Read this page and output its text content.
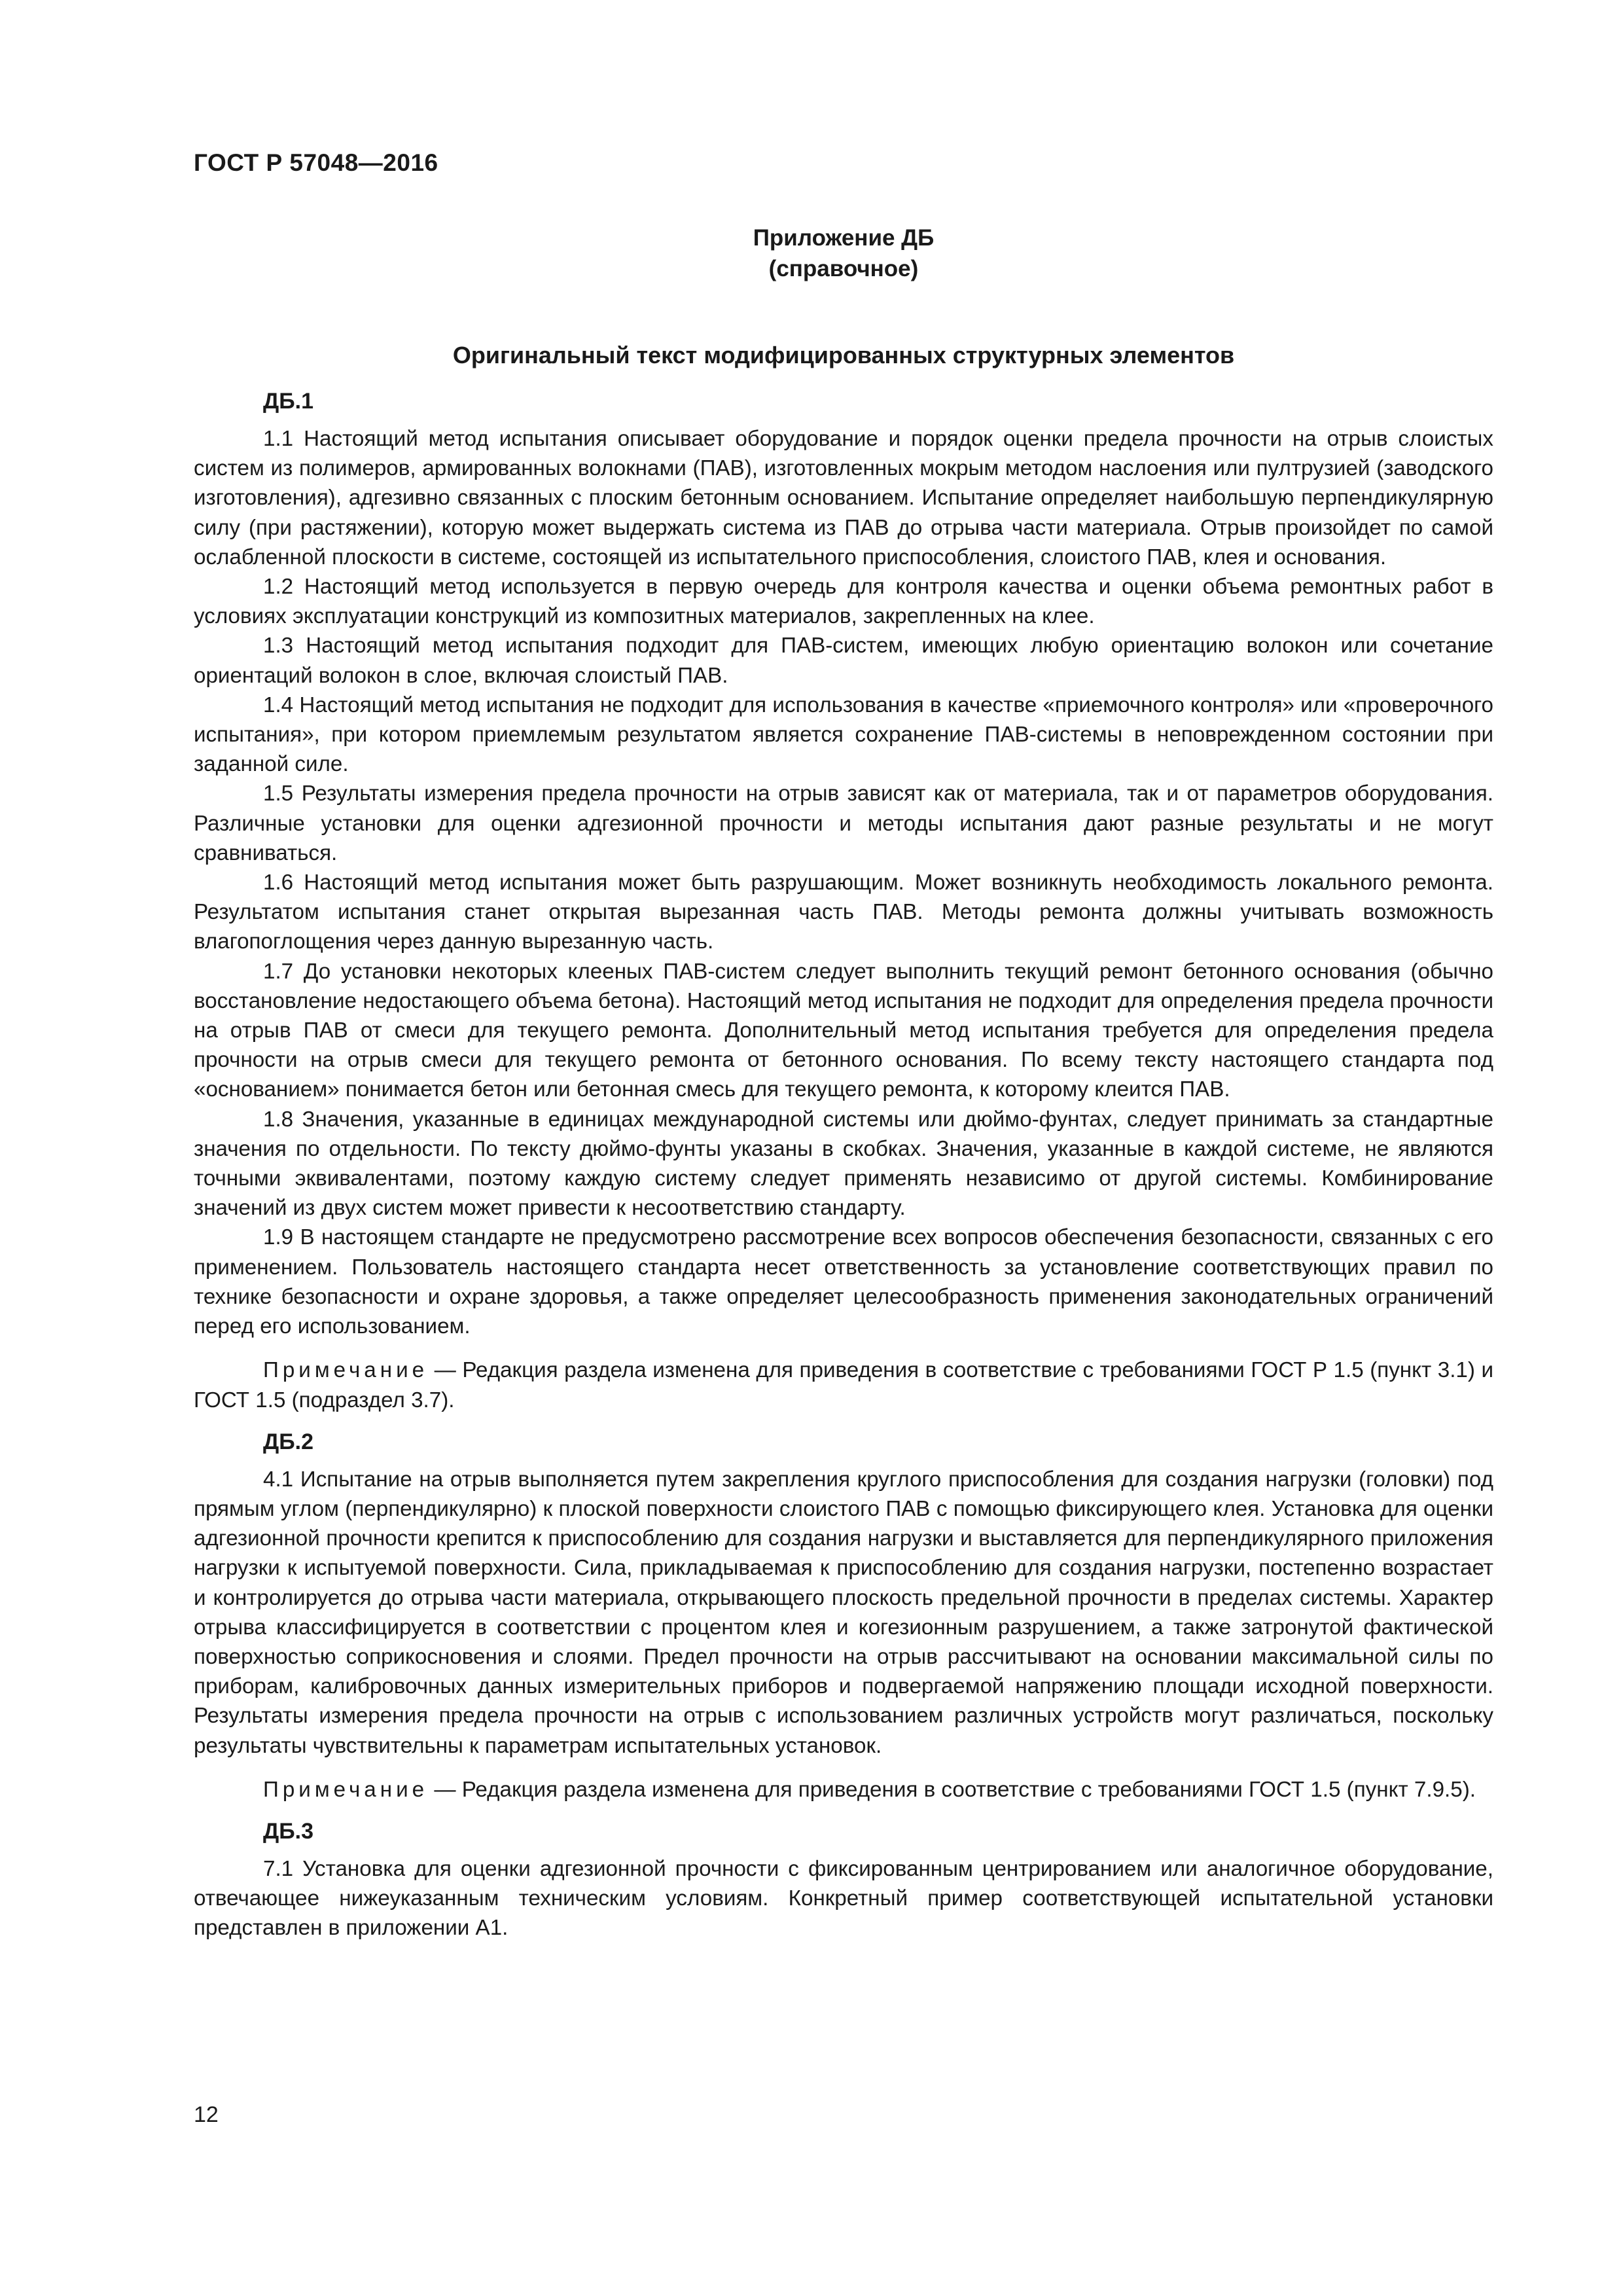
ГОСТ Р 57048—2016
Приложение ДБ
(справочное)
Оригинальный текст модифицированных структурных элементов
ДБ.1

1.1 Настоящий метод испытания описывает оборудование и порядок оценки предела прочности на отрыв слоистых систем из полимеров, армированных волокнами (ПАВ), изготовленных мокрым методом наслоения или пултрузией (заводского изготовления), адгезивно связанных с плоским бетонным основанием. Испытание определяет наибольшую перпендикулярную силу (при растяжении), которую может выдержать система из ПАВ до отрыва части материала. Отрыв произойдет по самой ослабленной плоскости в системе, состоящей из испытательного приспособления, слоистого ПАВ, клея и основания.

1.2 Настоящий метод используется в первую очередь для контроля качества и оценки объема ремонтных работ в условиях эксплуатации конструкций из композитных материалов, закрепленных на клее.

1.3 Настоящий метод испытания подходит для ПАВ-систем, имеющих любую ориентацию волокон или сочетание ориентаций волокон в слое, включая слоистый ПАВ.

1.4 Настоящий метод испытания не подходит для использования в качестве «приемочного контроля» или «проверочного испытания», при котором приемлемым результатом является сохранение ПАВ-системы в неповрежденном состоянии при заданной силе.

1.5 Результаты измерения предела прочности на отрыв зависят как от материала, так и от параметров оборудования. Различные установки для оценки адгезионной прочности и методы испытания дают разные результаты и не могут сравниваться.

1.6 Настоящий метод испытания может быть разрушающим. Может возникнуть необходимость локального ремонта. Результатом испытания станет открытая вырезанная часть ПАВ. Методы ремонта должны учитывать возможность влагопоглощения через данную вырезанную часть.

1.7 До установки некоторых клееных ПАВ-систем следует выполнить текущий ремонт бетонного основания (обычно восстановление недостающего объема бетона). Настоящий метод испытания не подходит для определения предела прочности на отрыв ПАВ от смеси для текущего ремонта. Дополнительный метод испытания требуется для определения предела прочности на отрыв смеси для текущего ремонта от бетонного основания. По всему тексту настоящего стандарта под «основанием» понимается бетон или бетонная смесь для текущего ремонта, к которому клеится ПАВ.

1.8 Значения, указанные в единицах международной системы или дюймо-фунтах, следует принимать за стандартные значения по отдельности. По тексту дюймо-фунты указаны в скобках. Значения, указанные в каждой системе, не являются точными эквивалентами, поэтому каждую систему следует применять независимо от другой системы. Комбинирование значений из двух систем может привести к несоответствию стандарту.

1.9 В настоящем стандарте не предусмотрено рассмотрение всех вопросов обеспечения безопасности, связанных с его применением. Пользователь настоящего стандарта несет ответственность за установление соответствующих правил по технике безопасности и охране здоровья, а также определяет целесообразность применения законодательных ограничений перед его использованием.

Примечание — Редакция раздела изменена для приведения в соответствие с требованиями ГОСТ Р 1.5 (пункт 3.1) и ГОСТ 1.5 (подраздел 3.7).

ДБ.2

4.1 Испытание на отрыв выполняется путем закрепления круглого приспособления для создания нагрузки (головки) под прямым углом (перпендикулярно) к плоской поверхности слоистого ПАВ с помощью фиксирующего клея. Установка для оценки адгезионной прочности крепится к приспособлению для создания нагрузки и выставляется для перпендикулярного приложения нагрузки к испытуемой поверхности. Сила, прикладываемая к приспособлению для создания нагрузки, постепенно возрастает и контролируется до отрыва части материала, открывающего плоскость предельной прочности в пределах системы. Характер отрыва классифицируется в соответствии с процентом клея и когезионным разрушением, а также затронутой фактической поверхностью соприкосновения и слоями. Предел прочности на отрыв рассчитывают на основании максимальной силы по приборам, калибровочных данных измерительных приборов и подвергаемой напряжению площади исходной поверхности. Результаты измерения предела прочности на отрыв с использованием различных устройств могут различаться, поскольку результаты чувствительны к параметрам испытательных установок.

Примечание — Редакция раздела изменена для приведения в соответствие с требованиями ГОСТ 1.5 (пункт 7.9.5).

ДБ.3

7.1 Установка для оценки адгезионной прочности с фиксированным центрированием или аналогичное оборудование, отвечающее нижеуказанным техническим условиям. Конкретный пример соответствующей испытательной установки представлен в приложении А1.

12
